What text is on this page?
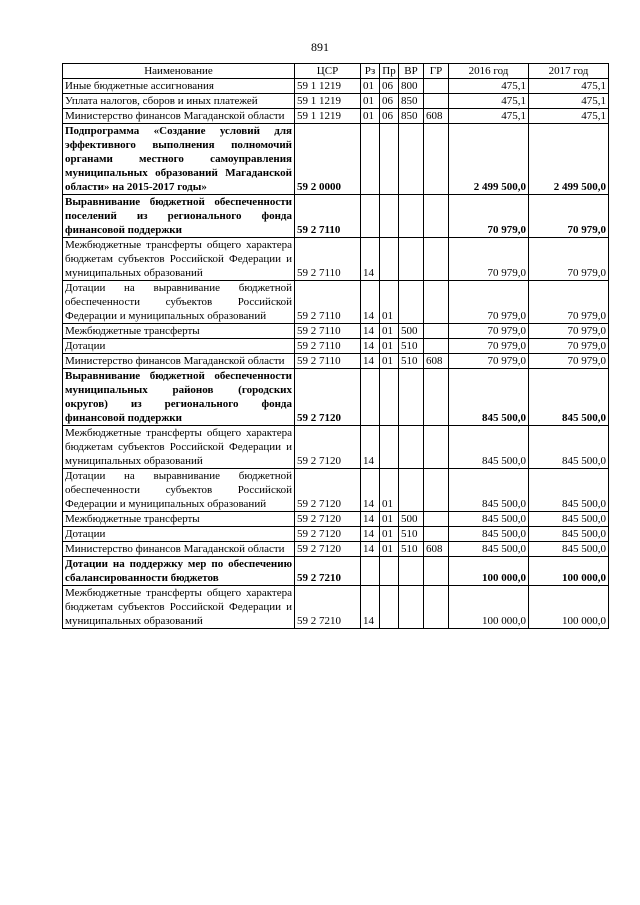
891
Наименование	ЦСР	Рз	Пр	ВР	ГР	2016 год	2017 год
Иные бюджетные ассигнования	59 1 1219	01	06	800		475,1	475,1
Уплата налогов, сборов и иных платежей	59 1 1219	01	06	850		475,1	475,1
Министерство финансов Магаданской области	59 1 1219	01	06	850	608	475,1	475,1
Подпрограмма «Создание условий для эффективного выполнения полномочий органами местного самоуправления муниципальных образований Магаданской области» на 2015-2017 годы»	59 2 0000					2 499 500,0	2 499 500,0
Выравнивание бюджетной обеспеченности поселений из регионального фонда финансовой поддержки	59 2 7110					70 979,0	70 979,0
Межбюджетные трансферты общего характера бюджетам субъектов Российской Федерации и муниципальных образований	59 2 7110	14				70 979,0	70 979,0
Дотации на выравнивание бюджетной обеспеченности субъектов Российской Федерации и муниципальных образований	59 2 7110	14	01			70 979,0	70 979,0
Межбюджетные трансферты	59 2 7110	14	01	500		70 979,0	70 979,0
Дотации	59 2 7110	14	01	510		70 979,0	70 979,0
Министерство финансов Магаданской области	59 2 7110	14	01	510	608	70 979,0	70 979,0
Выравнивание бюджетной обеспеченности муниципальных районов (городских округов) из регионального фонда финансовой поддержки	59 2 7120					845 500,0	845 500,0
Межбюджетные трансферты общего характера бюджетам субъектов Российской Федерации и муниципальных образований	59 2 7120	14				845 500,0	845 500,0
Дотации на выравнивание бюджетной обеспеченности субъектов Российской Федерации и муниципальных образований	59 2 7120	14	01			845 500,0	845 500,0
Межбюджетные трансферты	59 2 7120	14	01	500		845 500,0	845 500,0
Дотации	59 2 7120	14	01	510		845 500,0	845 500,0
Министерство финансов Магаданской области	59 2 7120	14	01	510	608	845 500,0	845 500,0
Дотации на поддержку мер по обеспечению сбалансированности бюджетов	59 2 7210					100 000,0	100 000,0
Межбюджетные трансферты общего характера бюджетам субъектов Российской Федерации и муниципальных образований	59 2 7210	14				100 000,0	100 000,0
